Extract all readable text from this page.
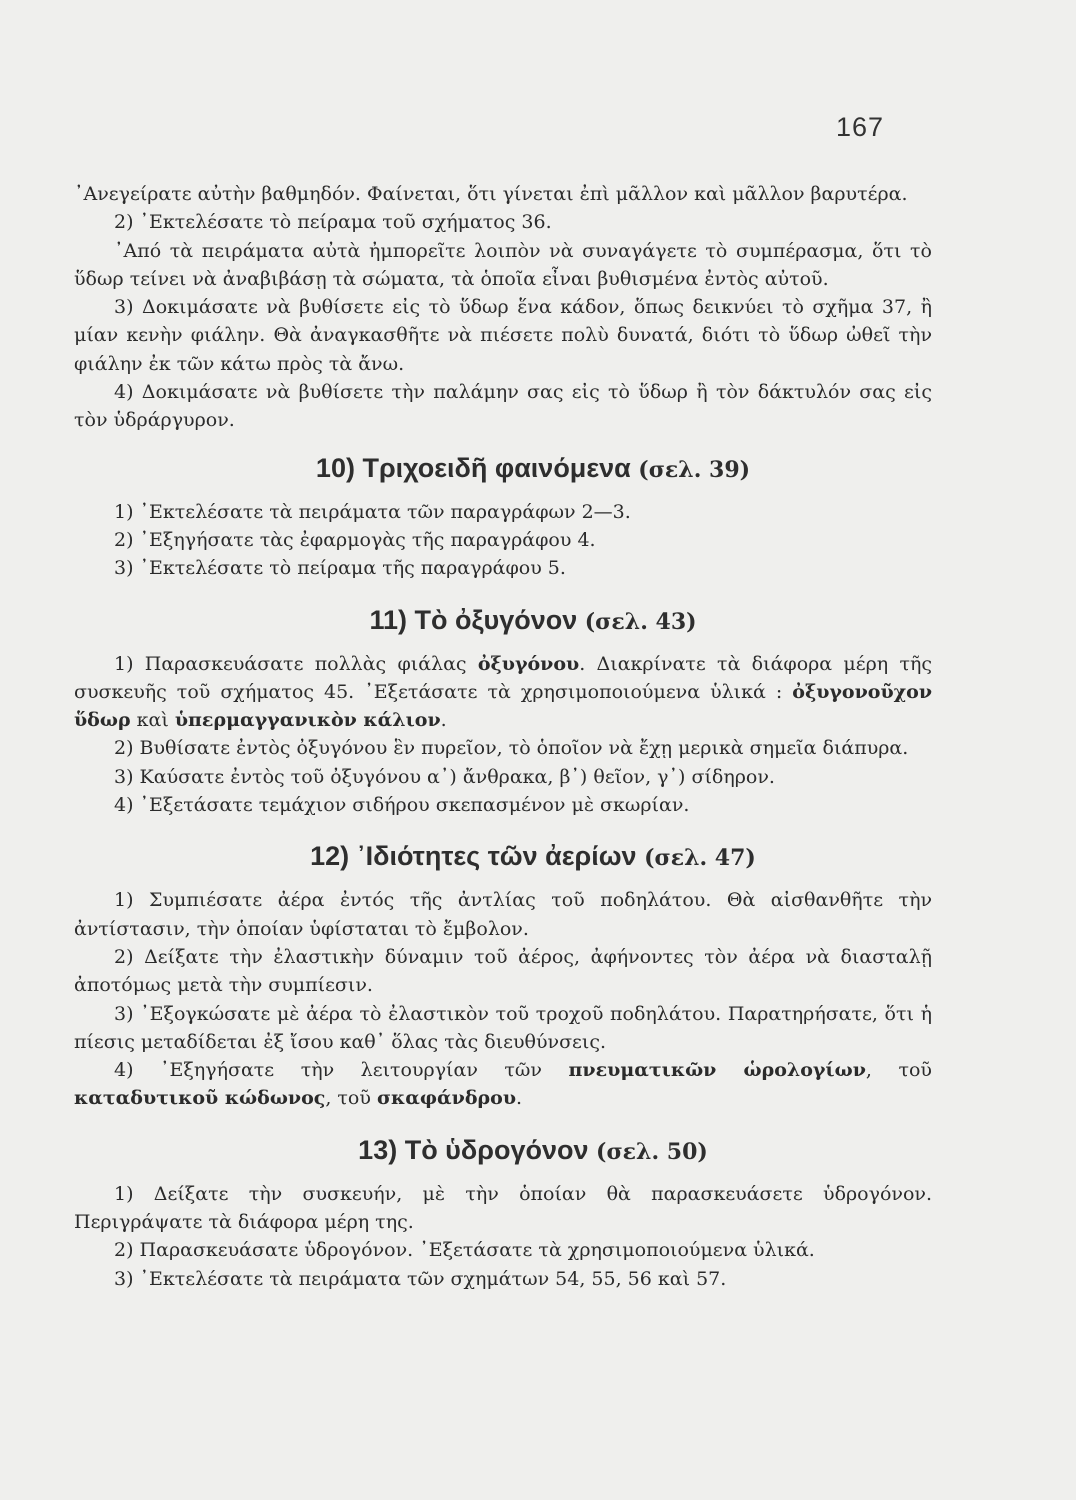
167

᾿Ανεγείρατε αὐτὴν βαθμηδόν. Φαίνεται, ὅτι γίνεται ἐπὶ μᾶλλον καὶ μᾶλλον βαρυτέρα.

2) ᾿Εκτελέσατε τὸ πείραμα τοῦ σχήματος 36.

᾿Από τὰ πειράματα αὐτὰ ἠμπορεῖτε λοιπὸν νὰ συναγάγετε τὸ συμπέρασμα, ὅτι τὸ ὕδωρ τείνει νὰ ἀναβιβάσῃ τὰ σώματα, τὰ ὁποῖα εἶναι βυθισμένα ἐντὸς αὐτοῦ.

3) Δοκιμάσατε νὰ βυθίσετε εἰς τὸ ὕδωρ ἕνα κάδον, ὅπως δεικνύει τὸ σχῆμα 37, ἢ μίαν κενὴν φιάλην. Θὰ ἀναγκασθῆτε νὰ πιέσετε πολὺ δυνατά, διότι τὸ ὕδωρ ὠθεῖ τὴν φιάλην ἐκ τῶν κάτω πρὸς τὰ ἄνω.

4) Δοκιμάσατε νὰ βυθίσετε τὴν παλάμην σας εἰς τὸ ὕδωρ ἢ τὸν δάκτυλόν σας εἰς τὸν ὑδράργυρον.

10) Τριχοειδῆ φαινόμενα (σελ. 39)

1) ᾿Εκτελέσατε τὰ πειράματα τῶν παραγράφων 2—3.

2) ᾿Εξηγήσατε τὰς ἐφαρμογὰς τῆς παραγράφου 4.

3) ᾿Εκτελέσατε τὸ πείραμα τῆς παραγράφου 5.

11) Τὸ ὀξυγόνον (σελ. 43)

1) Παρασκευάσατε πολλὰς φιάλας ὀξυγόνου. Διακρίνατε τὰ διάφορα μέρη τῆς συσκευῆς τοῦ σχήματος 45. ᾿Εξετάσατε τὰ χρησιμοποιούμενα ὑλικά : ὀξυγονοῦχον ὕδωρ καὶ ὑπερμαγγανικὸν κάλιον.

2) Βυθίσατε ἐντὸς ὀξυγόνου ἓν πυρεῖον, τὸ ὁποῖον νὰ ἔχῃ μερικὰ σημεῖα διάπυρα.

3) Καύσατε ἐντὸς τοῦ ὀξυγόνου α᾽) ἄνθρακα, β᾽) θεῖον, γ᾽) σίδηρον.

4) ᾿Εξετάσατε τεμάχιον σιδήρου σκεπασμένον μὲ σκωρίαν.

12) ᾿Ιδιότητες τῶν ἀερίων (σελ. 47)

1) Συμπιέσατε ἀέρα ἐντός τῆς ἀντλίας τοῦ ποδηλάτου. Θὰ αἰσθανθῆτε τὴν ἀντίστασιν, τὴν ὁποίαν ὑφίσταται τὸ ἔμβολον.

2) Δείξατε τὴν ἐλαστικὴν δύναμιν τοῦ ἀέρος, ἀφήνοντες τὸν ἀέρα νὰ διασταλῇ ἀποτόμως μετὰ τὴν συμπίεσιν.

3) ᾿Εξογκώσατε μὲ ἀέρα τὸ ἐλαστικὸν τοῦ τροχοῦ ποδηλάτου. Παρατηρήσατε, ὅτι ἡ πίεσις μεταδίδεται ἐξ ἴσου καθ᾽ ὅλας τὰς διευθύνσεις.

4) ᾿Εξηγήσατε τὴν λειτουργίαν τῶν πνευματικῶν ὡρολογίων, τοῦ καταδυτικοῦ κώδωνος, τοῦ σκαφάνδρου.

13) Τὸ ὑδρογόνον (σελ. 50)

1) Δείξατε τὴν συσκευήν, μὲ τὴν ὁποίαν θὰ παρασκευάσετε ὑδρογόνον. Περιγράψατε τὰ διάφορα μέρη της.

2) Παρασκευάσατε ὑδρογόνον. ᾿Εξετάσατε τὰ χρησιμοποιούμενα ὑλικά.

3) ᾿Εκτελέσατε τὰ πειράματα τῶν σχημάτων 54, 55, 56 καὶ 57.
